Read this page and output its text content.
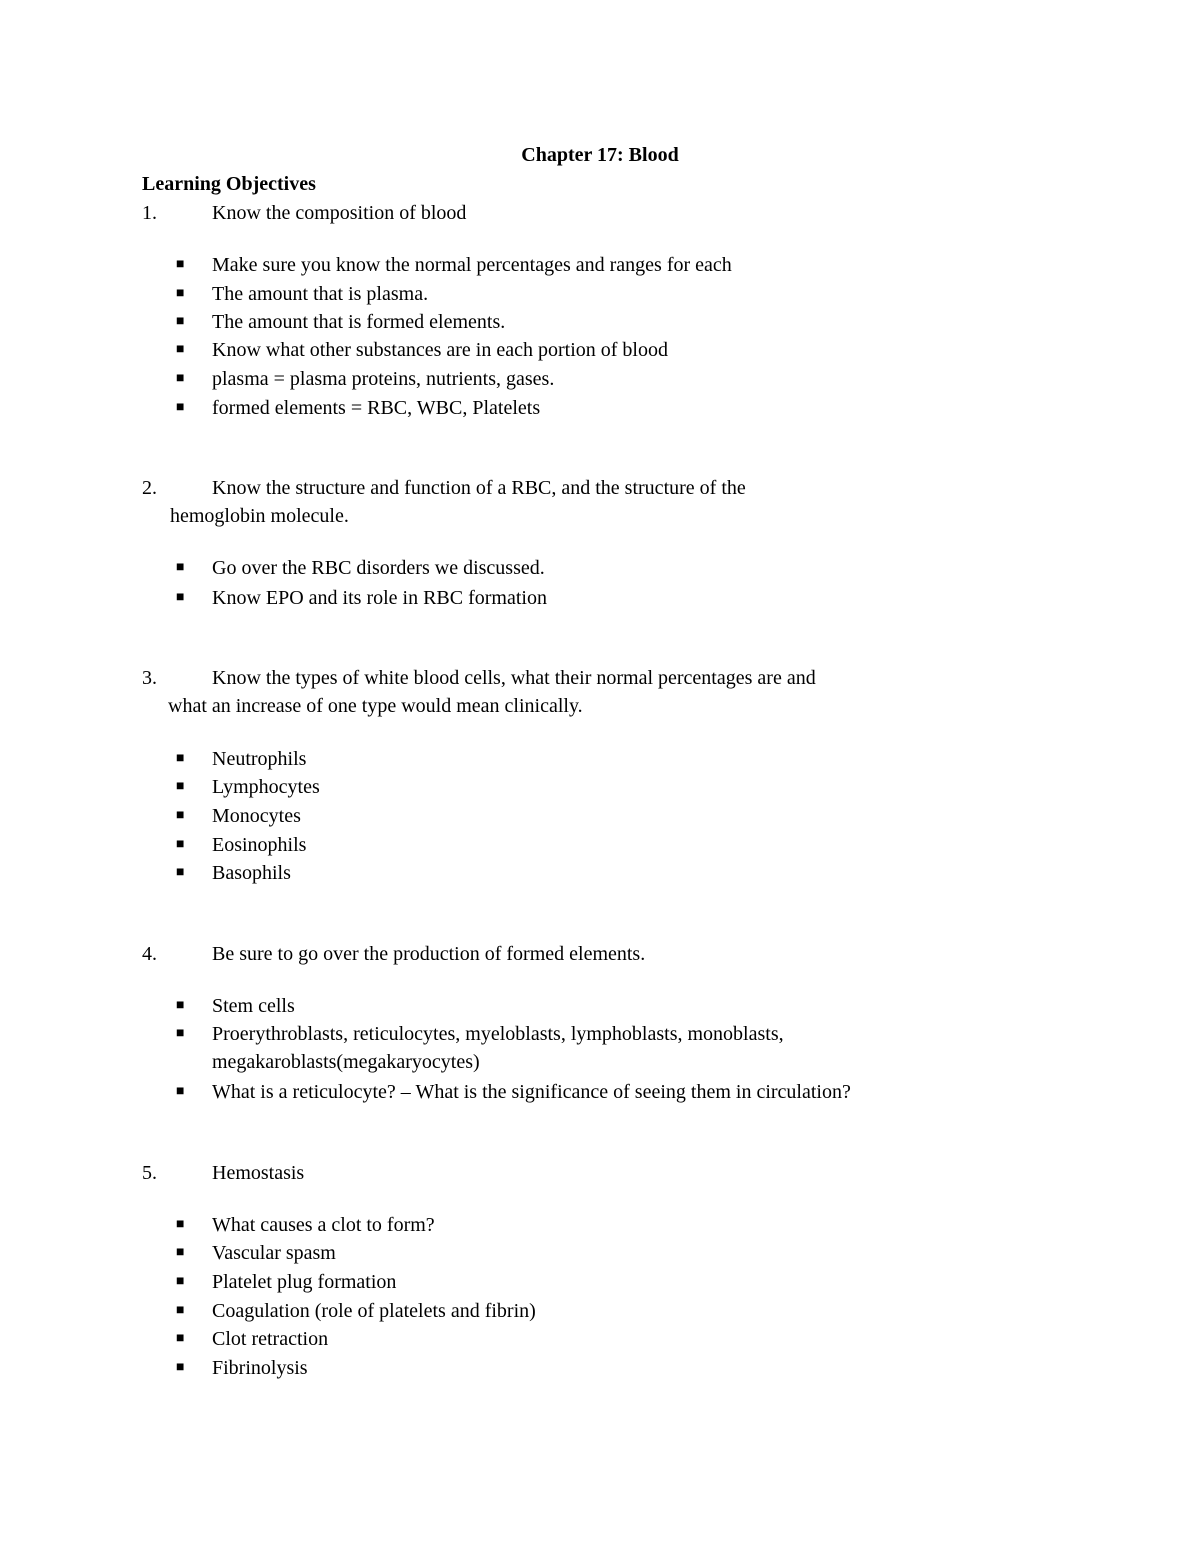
Chapter 17: Blood
Learning Objectives
1.	Know the composition of blood
■ Make sure you know the normal percentages and ranges for each
■ The amount that is plasma.
■ The amount that is formed elements.
■ Know what other substances are in each portion of blood
■ plasma = plasma proteins, nutrients, gases.
■ formed elements = RBC, WBC, Platelets
2.	Know the structure and function of a RBC, and the structure of the
hemoglobin molecule.
■ Go over the RBC disorders we discussed.
■ Know EPO and its role in RBC formation
3.	Know the types of white blood cells, what their normal percentages are and
what an increase of one type would mean clinically.
■ Neutrophils
■ Lymphocytes
■ Monocytes
■ Eosinophils
■ Basophils
4.	Be sure to go over the production of formed elements.
■ Stem cells
■ Proerythroblasts, reticulocytes, myeloblasts, lymphoblasts, monoblasts,
megakaroblasts(megakaryocytes)
■ What is a reticulocyte? – What is the significance of seeing them in circulation?
5.	Hemostasis
■ What causes a clot to form?
■ Vascular spasm
■ Platelet plug formation
■ Coagulation (role of platelets and fibrin)
■ Clot retraction
■ Fibrinolysis
